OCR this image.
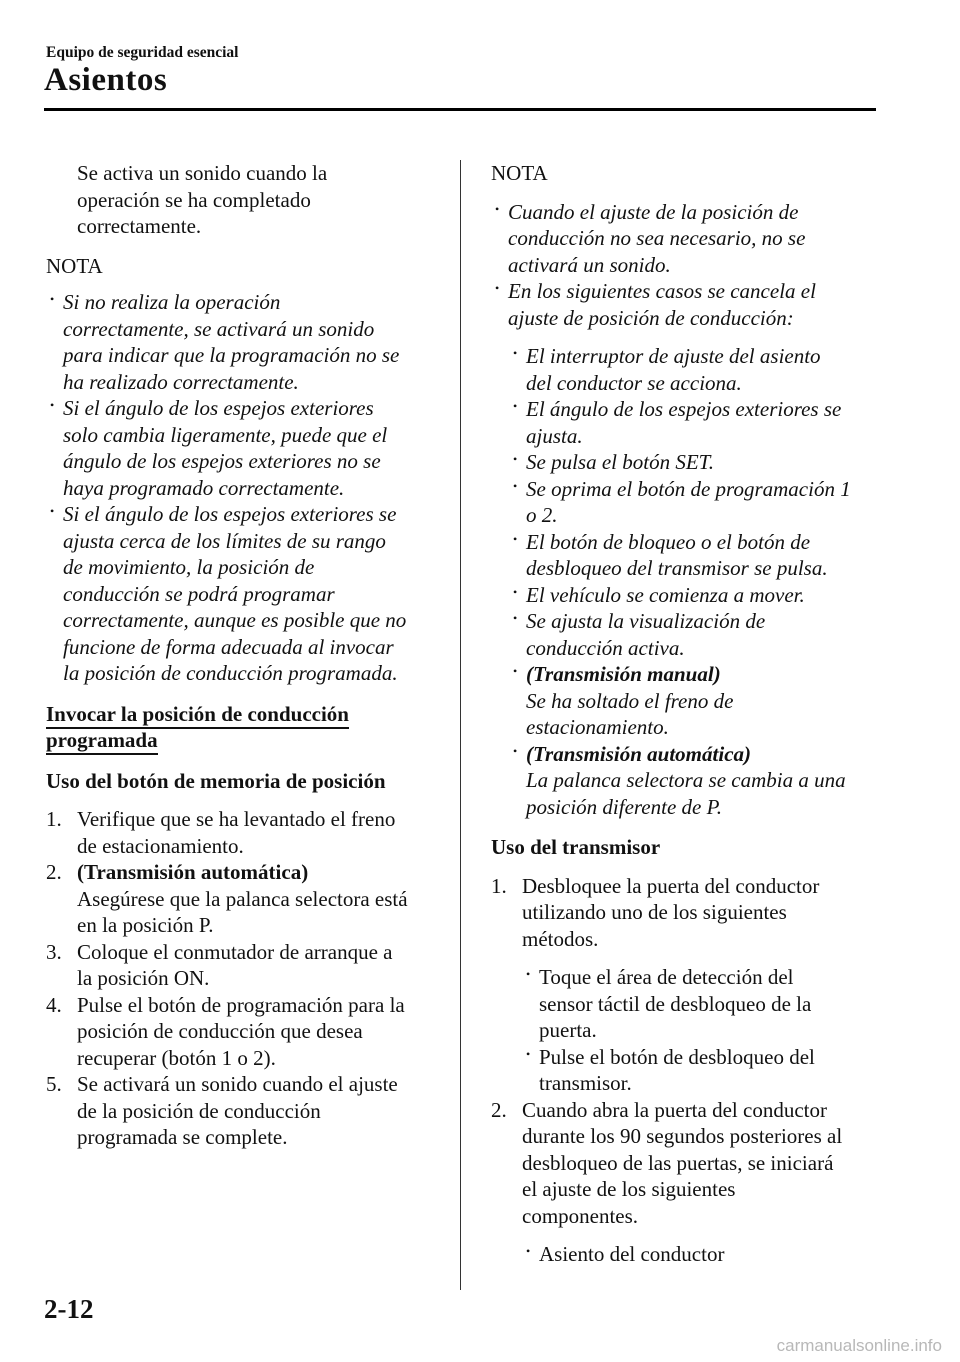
Equipo de seguridad esencial
Asientos

Se activa un sonido cuando la

operación se ha completado

correctamente.

NOTA

• Si no realiza la operación

correctamente, se activará un sonido

para indicar que la programación no se

ha realizado correctamente.

• Si el ángulo de los espejos exteriores

solo cambia ligeramente, puede que el

ángulo de los espejos exteriores no se

haya programado correctamente.

• Si el ángulo de los espejos exteriores se

ajusta cerca de los límites de su rango

de movimiento, la posición de

conducción se podrá programar

correctamente, aunque es posible que no

funcione de forma adecuada al invocar

la posición de conducción programada.

Invocar la posición de conducción

programada

Uso del botón de memoria de posición

1. Verifique que se ha levantado el freno

de estacionamiento.

2. (Transmisión automática)

Asegúrese que la palanca selectora está

en la posición P.

3. Coloque el conmutador de arranque a

la posición ON.

4. Pulse el botón de programación para la

posición de conducción que desea

recuperar (botón 1 o 2).

5. Se activará un sonido cuando el ajuste

de la posición de conducción

programada se complete.

NOTA

• Cuando el ajuste de la posición de

conducción no sea necesario, no se

activará un sonido.

• En los siguientes casos se cancela el

ajuste de posición de conducción:

• El interruptor de ajuste del asiento

del conductor se acciona.

• El ángulo de los espejos exteriores se

ajusta.

• Se pulsa el botón SET.

• Se oprima el botón de programación 1

o 2.

• El botón de bloqueo o el botón de

desbloqueo del transmisor se pulsa.

• El vehículo se comienza a mover.

• Se ajusta la visualización de

conducción activa.

• (Transmisión manual)

Se ha soltado el freno de

estacionamiento.

• (Transmisión automática)

La palanca selectora se cambia a una

posición diferente de P.

Uso del transmisor

1. Desbloquee la puerta del conductor

utilizando uno de los siguientes

métodos.

• Toque el área de detección del

sensor táctil de desbloqueo de la

puerta.

• Pulse el botón de desbloqueo del

transmisor.

2. Cuando abra la puerta del conductor

durante los 90 segundos posteriores al

desbloqueo de las puertas, se iniciará

el ajuste de los siguientes

componentes.

• Asiento del conductor

2-12
carmanualsonline.info
